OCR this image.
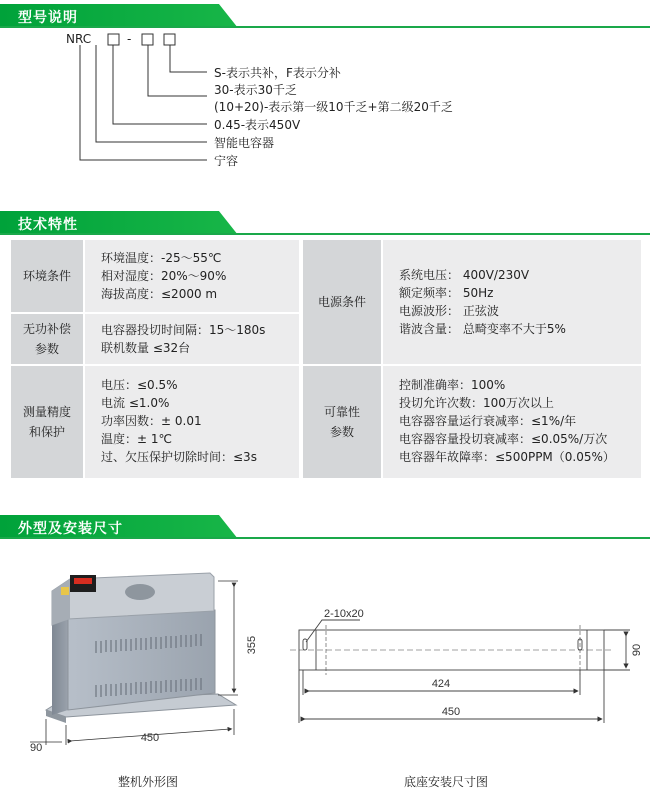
型号说明
NRC	-
S-表示共补，F表示分补
30-表示30千乏
(10+20)-表示第一级10千乏+第二级20千乏
0.45-表示450V
智能电容器
宁容
技术特性
环境条件
环境温度：-25～55℃
相对湿度：20%～90%
海拔高度：≤2000 m
无功补偿
参数
电容器投切时间隔：15～180s
联机数量 ≤32台
测量精度
和保护
电压：≤0.5%
电流 ≤1.0%
功率因数：± 0.01
温度：± 1℃
过、欠压保护切除时间：≤3s
电源条件
系统电压： 400V/230V
额定频率： 50Hz
电源波形： 正弦波
谐波含量： 总畸变率不大于5%
可靠性
参数
控制准确率：100%
投切允许次数：100万次以上
电容器容量运行衰减率：≤1%/年
电容器容量投切衰减率：≤0.05%/万次
电容器年故障率：≤500PPM（0.05%）
外型及安装尺寸
355
450
90
2-10x20
424
450
90
整机外形图	底座安装尺寸图
